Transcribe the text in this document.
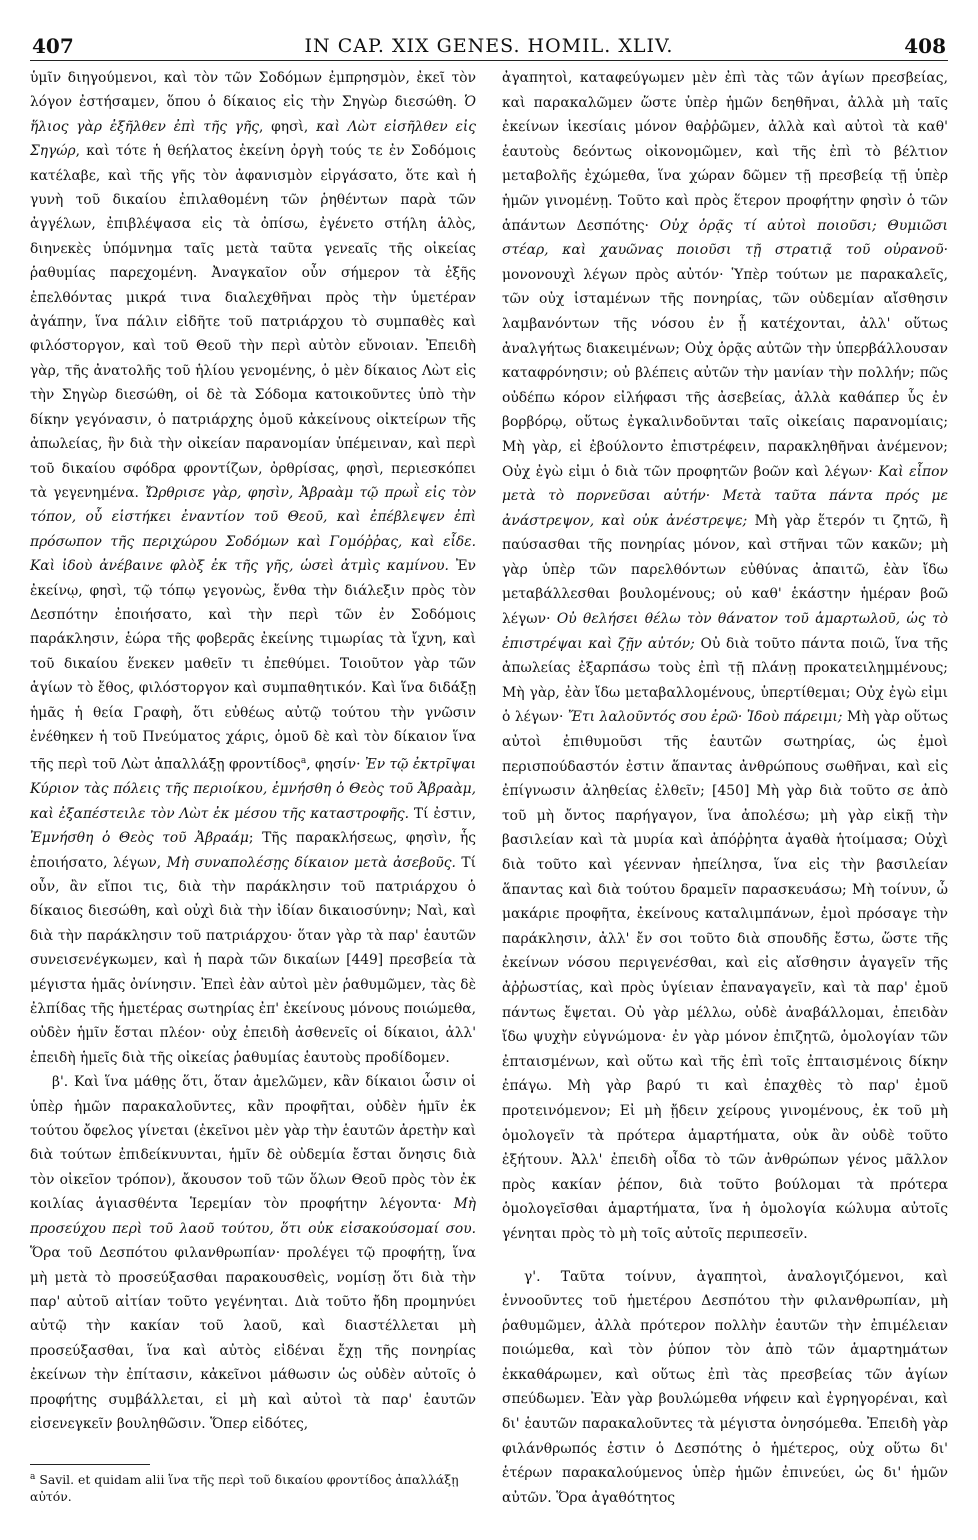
407	IN CAP. XIX GENES. HOMIL. XLIV.	408

ὑμῖν διηγούμενοι, καὶ τὸν τῶν Σοδόμων ἐμπρησμὸν, ἐκεῖ τὸν λόγον ἐστήσαμεν, ὅπου ὁ δίκαιος εἰς τὴν Σηγὼρ διεσώθη. Ὁ ἥλιος γὰρ ἐξῆλθεν ἐπὶ τῆς γῆς, φησὶ, καὶ Λὼτ εἰσῆλθεν εἰς Σηγώρ, καὶ τότε ἡ θεήλατος ἐκείνη ὀργὴ τούς τε ἐν Σοδόμοις κατέλαβε, καὶ τῆς γῆς τὸν ἀφανισμὸν εἰργάσατο, ὅτε καὶ ἡ γυνὴ τοῦ δικαίου ἐπιλαθομένη τῶν ῥηθέντων παρὰ τῶν ἀγγέλων, ἐπιβλέψασα εἰς τὰ ὀπίσω, ἐγένετο στήλη ἁλὸς, διηνεκὲς ὑπόμνημα ταῖς μετὰ ταῦτα γενεαῖς τῆς οἰκείας ῥαθυμίας παρεχομένη. Ἀναγκαῖον οὖν σήμερον τὰ ἑξῆς ἐπελθόντας μικρά τινα διαλεχθῆναι πρὸς τὴν ὑμετέραν ἀγάπην, ἵνα πάλιν εἰδῆτε τοῦ πατριάρχου τὸ συμπαθὲς καὶ φιλόστοργον, καὶ τοῦ Θεοῦ τὴν περὶ αὐτὸν εὔνοιαν. Ἐπειδὴ γὰρ, τῆς ἀνατολῆς τοῦ ἡλίου γενομένης, ὁ μὲν δίκαιος Λὼτ εἰς τὴν Σηγὼρ διεσώθη, οἱ δὲ τὰ Σόδομα κατοικοῦντες ὑπὸ τὴν δίκην γεγόνασιν, ὁ πατριάρχης ὁμοῦ κἀκείνους οἰκτείρων τῆς ἀπωλείας, ἣν διὰ τὴν οἰκείαν παρανομίαν ὑπέμειναν, καὶ περὶ τοῦ δικαίου σφόδρα φροντίζων, ὀρθρίσας, φησὶ, περιεσκόπει τὰ γεγενημένα. Ὤρθρισε γὰρ, φησὶν, Ἀβραὰμ τῷ πρωῒ εἰς τὸν τόπον, οὗ εἱστήκει ἐναντίον τοῦ Θεοῦ, καὶ ἐπέβλεψεν ἐπὶ πρόσωπον τῆς περιχώρου Σοδόμων καὶ Γομόῤῥας, καὶ εἶδε. Καὶ ἰδοὺ ἀνέβαινε φλὸξ ἐκ τῆς γῆς, ὡσεὶ ἀτμὶς καμίνου. Ἐν ἐκείνῳ, φησὶ, τῷ τόπῳ γεγονὼς, ἔνθα τὴν διάλεξιν πρὸς τὸν Δεσπότην ἐποιήσατο, καὶ τὴν περὶ τῶν ἐν Σοδόμοις παράκλησιν, ἑώρα τῆς φοβερᾶς ἐκείνης τιμωρίας τὰ ἴχνη, καὶ τοῦ δικαίου ἕνεκεν μαθεῖν τι ἐπεθύμει. Τοιοῦτον γὰρ τῶν ἁγίων τὸ ἔθος, φιλόστοργον καὶ συμπαθητικόν. Καὶ ἵνα διδάξῃ ἡμᾶς ἡ θεία Γραφὴ, ὅτι εὐθέως αὐτῷ τούτου τὴν γνῶσιν ἐνέθηκεν ἡ τοῦ Πνεύματος χάρις, ὁμοῦ δὲ καὶ τὸν δίκαιον ἵνα τῆς περὶ τοῦ Λὼτ ἀπαλλάξῃ φροντίδος$^a$, φησίν· Ἐν τῷ ἐκτρῖψαι Κύριον τὰς πόλεις τῆς περιοίκου, ἐμνήσθη ὁ Θεὸς τοῦ Ἀβραὰμ, καὶ ἐξαπέστειλε τὸν Λὼτ ἐκ μέσου τῆς καταστροφῆς. Τί ἐστιν, Ἐμνήσθη ὁ Θεὸς τοῦ Ἀβραάμ; Τῆς παρακλήσεως, φησὶν, ἧς ἐποιήσατο, λέγων, Μὴ συναπολέσῃς δίκαιον μετὰ ἀσεβοῦς. Τί οὖν, ἂν εἴποι τις, διὰ τὴν παράκλησιν τοῦ πατριάρχου ὁ δίκαιος διεσώθη, καὶ οὐχὶ διὰ τὴν ἰδίαν δικαιοσύνην; Ναὶ, καὶ διὰ τὴν παράκλησιν τοῦ πατριάρχου· ὅταν γὰρ τὰ παρ' ἑαυτῶν συνεισενέγκωμεν, καὶ ἡ παρὰ τῶν δικαίων [449] πρεσβεία τὰ μέγιστα ἡμᾶς ὀνίνησιν. Ἐπεὶ ἐὰν αὐτοὶ μὲν ῥαθυμῶμεν, τὰς δὲ ἐλπίδας τῆς ἡμετέρας σωτηρίας ἐπ' ἐκείνους μόνους ποιώμεθα, οὐδὲν ἡμῖν ἔσται πλέον· οὐχ ἐπειδὴ ἀσθενεῖς οἱ δίκαιοι, ἀλλ' ἐπειδὴ ἡμεῖς διὰ τῆς οἰκείας ῥαθυμίας ἑαυτοὺς προδίδομεν.

β'. Καὶ ἵνα μάθῃς ὅτι, ὅταν ἀμελῶμεν, κἂν δίκαιοι ὦσιν οἱ ὑπὲρ ἡμῶν παρακαλοῦντες, κἂν προφῆται, οὐδὲν ἡμῖν ἐκ τούτου ὄφελος γίνεται (ἐκεῖνοι μὲν γὰρ τὴν ἑαυτῶν ἀρετὴν καὶ διὰ τούτων ἐπιδείκνυνται, ἡμῖν δὲ οὐδεμία ἔσται ὄνησις διὰ τὸν οἰκεῖον τρόπον), ἄκουσον τοῦ τῶν ὅλων Θεοῦ πρὸς τὸν ἐκ κοιλίας ἁγιασθέντα Ἱερεμίαν τὸν προφήτην λέγοντα· Μὴ προσεύχου περὶ τοῦ λαοῦ τούτου, ὅτι οὐκ εἰσακούσομαί σου. Ὅρα τοῦ Δεσπότου φιλανθρωπίαν· προλέγει τῷ προφήτῃ, ἵνα μὴ μετὰ τὸ προσεύξασθαι παρακουσθεὶς, νομίσῃ ὅτι διὰ τὴν παρ' αὐτοῦ αἰτίαν τοῦτο γεγένηται. Διὰ τοῦτο ἤδη προμηνύει αὐτῷ τὴν κακίαν τοῦ λαοῦ, καὶ διαστέλλεται μὴ προσεύξασθαι, ἵνα καὶ αὐτὸς εἰδέναι ἔχῃ τῆς πονηρίας ἐκείνων τὴν ἐπίτασιν, κἀκεῖνοι μάθωσιν ὡς οὐδὲν αὐτοῖς ὁ προφήτης συμβάλλεται, εἰ μὴ καὶ αὐτοὶ τὰ παρ' ἑαυτῶν εἰσενεγκεῖν βουληθῶσιν. Ὅπερ εἰδότες,

$^a$ Savil. et quidam alii ἵνα τῆς περὶ τοῦ δικαίου φροντίδος ἀπαλλάξῃ αὐτόν.

ἀγαπητοὶ, καταφεύγωμεν μὲν ἐπὶ τὰς τῶν ἁγίων πρεσβείας, καὶ παρακαλῶμεν ὥστε ὑπὲρ ἡμῶν δεηθῆναι, ἀλλὰ μὴ ταῖς ἐκείνων ἱκεσίαις μόνον θαῤῥῶμεν, ἀλλὰ καὶ αὐτοὶ τὰ καθ' ἑαυτοὺς δεόντως οἰκονομῶμεν, καὶ τῆς ἐπὶ τὸ βέλτιον μεταβολῆς ἐχώμεθα, ἵνα χώραν δῶμεν τῇ πρεσβείᾳ τῇ ὑπὲρ ἡμῶν γινομένῃ. Τοῦτο καὶ πρὸς ἕτερον προφήτην φησὶν ὁ τῶν ἁπάντων Δεσπότης· Οὐχ ὁρᾷς τί αὐτοὶ ποιοῦσι; Θυμιῶσι στέαρ, καὶ χαυῶνας ποιοῦσι τῇ στρατιᾷ τοῦ οὐρανοῦ· μονονουχὶ λέγων πρὸς αὐτόν· Ὑπὲρ τούτων με παρακαλεῖς, τῶν οὐχ ἱσταμένων τῆς πονηρίας, τῶν οὐδεμίαν αἴσθησιν λαμβανόντων τῆς νόσου ἐν ᾗ κατέχονται, ἀλλ' οὕτως ἀναλγήτως διακειμένων; Οὐχ ὁρᾷς αὐτῶν τὴν ὑπερβάλλουσαν καταφρόνησιν; οὐ βλέπεις αὐτῶν τὴν μανίαν τὴν πολλήν; πῶς οὐδέπω κόρον εἰλήφασι τῆς ἀσεβείας, ἀλλὰ καθάπερ ὗς ἐν βορβόρῳ, οὕτως ἐγκαλινδοῦνται ταῖς οἰκείαις παρανομίαις; Μὴ γὰρ, εἰ ἐβούλοντο ἐπιστρέφειν, παρακληθῆναι ἀνέμενον; Οὐχ ἐγὼ εἰμι ὁ διὰ τῶν προφητῶν βοῶν καὶ λέγων· Καὶ εἶπον μετὰ τὸ πορνεῦσαι αὐτήν· Μετὰ ταῦτα πάντα πρός με ἀνάστρεψον, καὶ οὐκ ἀνέστρεψε; Μὴ γὰρ ἕτερόν τι ζητῶ, ἢ παύσασθαι τῆς πονηρίας μόνον, καὶ στῆναι τῶν κακῶν; μὴ γὰρ ὑπὲρ τῶν παρελθόντων εὐθύνας ἀπαιτῶ, ἐὰν ἴδω μεταβάλλεσθαι βουλομένους; οὐ καθ' ἑκάστην ἡμέραν βοῶ λέγων· Οὐ θελήσει θέλω τὸν θάνατον τοῦ ἁμαρτωλοῦ, ὡς τὸ ἐπιστρέψαι καὶ ζῇν αὐτόν; Οὐ διὰ τοῦτο πάντα ποιῶ, ἵνα τῆς ἀπωλείας ἐξαρπάσω τοὺς ἐπὶ τῇ πλάνῃ προκατειλημμένους; Μὴ γὰρ, ἐὰν ἴδω μεταβαλλομένους, ὑπερτίθεμαι; Οὐχ ἐγὼ εἰμι ὁ λέγων· Ἔτι λαλοῦντός σου ἐρῶ· Ἰδοὺ πάρειμι; Μὴ γὰρ οὕτως αὐτοὶ ἐπιθυμοῦσι τῆς ἑαυτῶν σωτηρίας, ὡς ἐμοὶ περισπούδαστόν ἐστιν ἅπαντας ἀνθρώπους σωθῆναι, καὶ εἰς ἐπίγνωσιν ἀληθείας ἐλθεῖν; [450] Μὴ γὰρ διὰ τοῦτο σε ἀπὸ τοῦ μὴ ὄντος παρήγαγον, ἵνα ἀπολέσω; μὴ γὰρ εἰκῇ τὴν βασιλείαν καὶ τὰ μυρία καὶ ἀπόῤῥητα ἀγαθὰ ἡτοίμασα; Οὐχὶ διὰ τοῦτο καὶ γέενναν ἠπείλησα, ἵνα εἰς τὴν βασιλείαν ἅπαντας καὶ διὰ τούτου δραμεῖν παρασκευάσω; Μὴ τοίνυν, ὦ μακάριε προφῆτα, ἐκείνους καταλιμπάνων, ἐμοὶ πρόσαγε τὴν παράκλησιν, ἀλλ' ἔν σοι τοῦτο διὰ σπουδῆς ἔστω, ὥστε τῆς ἐκείνων νόσου περιγενέσθαι, καὶ εἰς αἴσθησιν ἀγαγεῖν τῆς ἀῤῥωστίας, καὶ πρὸς ὑγίειαν ἐπαναγαγεῖν, καὶ τὰ παρ' ἐμοῦ πάντως ἔψεται. Οὐ γὰρ μέλλω, οὐδὲ ἀναβάλλομαι, ἐπειδὰν ἴδω ψυχὴν εὐγνώμονα· ἐν γὰρ μόνον ἐπιζητῶ, ὁμολογίαν τῶν ἐπταισμένων, καὶ οὕτω καὶ τῆς ἐπὶ τοῖς ἐπταισμένοις δίκην ἐπάγω. Μὴ γὰρ βαρύ τι καὶ ἐπαχθὲς τὸ παρ' ἐμοῦ προτεινόμενον; Εἰ μὴ ᾔδειν χείρους γινομένους, ἐκ τοῦ μὴ ὁμολογεῖν τὰ πρότερα ἁμαρτήματα, οὐκ ἂν οὐδὲ τοῦτο ἐξήτουν. Ἀλλ' ἐπειδὴ οἶδα τὸ τῶν ἀνθρώπων γένος μᾶλλον πρὸς κακίαν ῥέπον, διὰ τοῦτο βούλομαι τὰ πρότερα ὁμολογεῖσθαι ἁμαρτήματα, ἵνα ἡ ὁμολογία κώλυμα αὐτοῖς γένηται πρὸς τὸ μὴ τοῖς αὐτοῖς περιπεσεῖν.

γ'. Ταῦτα τοίνυν, ἀγαπητοὶ, ἀναλογιζόμενοι, καὶ ἐννοοῦντες τοῦ ἡμετέρου Δεσπότου τὴν φιλανθρωπίαν, μὴ ῥαθυμῶμεν, ἀλλὰ πρότερον πολλὴν ἑαυτῶν τὴν ἐπιμέλειαν ποιώμεθα, καὶ τὸν ῥύπον τὸν ἀπὸ τῶν ἁμαρτημάτων ἐκκαθάρωμεν, καὶ οὕτως ἐπὶ τὰς πρεσβείας τῶν ἁγίων σπεύδωμεν. Ἐὰν γὰρ βουλώμεθα νήφειν καὶ ἐγρηγορέναι, καὶ δι' ἑαυτῶν παρακαλοῦντες τὰ μέγιστα ὀνησόμεθα. Ἐπειδὴ γὰρ φιλάνθρωπός ἐστιν ὁ Δεσπότης ὁ ἡμέτερος, οὐχ οὕτω δι' ἑτέρων παρακαλούμενος ὑπὲρ ἡμῶν ἐπινεύει, ὡς δι' ἡμῶν αὐτῶν. Ὅρα ἀγαθότητος
